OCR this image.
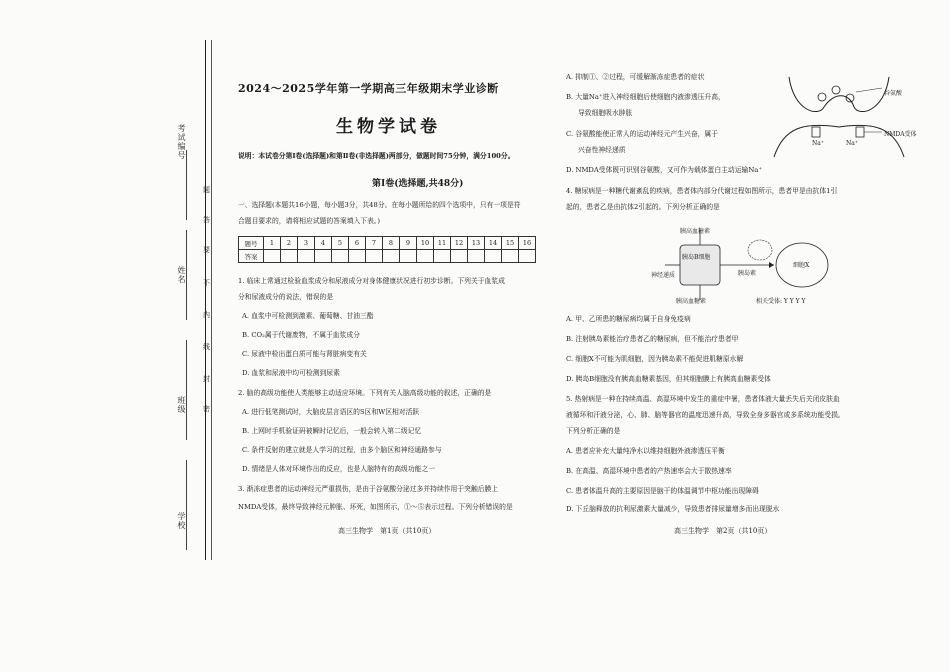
考试编号
姓名
班级
学校
题
答
要
不
内
线
封
密
2024～2025学年第一学期高三年级期末学业诊断
生物学试卷
说明：本试卷分第Ⅰ卷(选择题)和第Ⅱ卷(非选择题)两部分，做题时间75分钟，满分100分。
第Ⅰ卷(选择题,共48分)
一、选择题(本题共16小题，每小题3分，共48分。在每小题所给的四个选项中，只有一项是符
合题目要求的，请将相应试题的答案填入下表。)
题号	1	2	3	4	5	6	7	8	9	10	11	12	13	14	15	16
答案																
1. 临床上常通过检验血浆成分和尿液成分对身体健康状况进行初步诊断。下列关于血浆成
分和尿液成分的说法，错误的是
A. 血浆中可检测到激素、葡萄糖、甘油三酯
B. CO₂属于代谢废物，不属于血浆成分
C. 尿液中检出蛋白质可能与肾脏病变有关
D. 血浆和尿液中均可检测到尿素
2. 脑的高级功能使人类能够主动适应环境。下列有关人脑高级功能的叙述，正确的是
A. 进行低笔测试时，大脑皮层言语区的S区和W区相对活跃
B. 上网时手机验证码被瞬时记忆后，一般会转入第二级记忆
C. 条件反射的建立就是人学习的过程，由多个脑区和神经通路参与
D. 情绪是人体对环境作出的反应，也是人脑特有的高级功能之一
3. 渐冻症患者的运动神经元严重损伤，是由于谷氨酸分泌过多并持续作用于突触后膜上
NMDA受体，最终导致神经元肿胀、坏死，如图所示，①～⑤表示过程。下列分析错误的是
高三生物学　第1页（共10页）
A. 抑制①、②过程，可缓解渐冻症患者的症状
B. 大量Na⁺进入神经细胞后使细胞内液渗透压升高，
导致细胞吸水肿胀
C. 谷氨酸能使正常人的运动神经元产生兴奋，属于
兴奋性神经递质
D. NMDA受体既可识别谷氨酸，又可作为载体蛋白主动运输Na⁺
谷氨酸
NMDA受体
Na⁺	Na⁺
4. 糖尿病是一种糖代谢紊乱的疾病，患者体内部分代谢过程如图所示，患者甲是由抗体1引
起的，患者乙是由抗体2引起的。下列分析正确的是
胰高血糖素
胰岛B细胞
神经递质	胰岛素
细胞X
胰高血糖素	相关受体: Y Y Y Y
A. 甲、乙所患的糖尿病均属于自身免疫病
B. 注射胰岛素能治疗患者乙的糖尿病，但不能治疗患者甲
C. 细胞X不可能为肌细胞，因为胰岛素不能促进肌糖原水解
D. 胰岛B细胞没有胰高血糖素基因，但其细胞膜上有胰高血糖素受体
5. 热射病是一种在持续高温、高湿环境中发生的重症中暑，患者体液大量丢失后关闭皮肤血
液循环和汗液分泌，心、肺、脑等器官的温度迅速升高，导致全身多器官或多系统功能受损。
下列分析正确的是
A. 患者应补充大量纯净水以维持细胞外液渗透压平衡
B. 在高温、高湿环境中患者的产热速率会大于散热速率
C. 患者体温升高的主要原因是脑干的体温调节中枢功能出现障碍
D. 下丘脑释放的抗利尿激素大量减少，导致患者排尿量增多而出现脱水
高三生物学　第2页（共10页）
